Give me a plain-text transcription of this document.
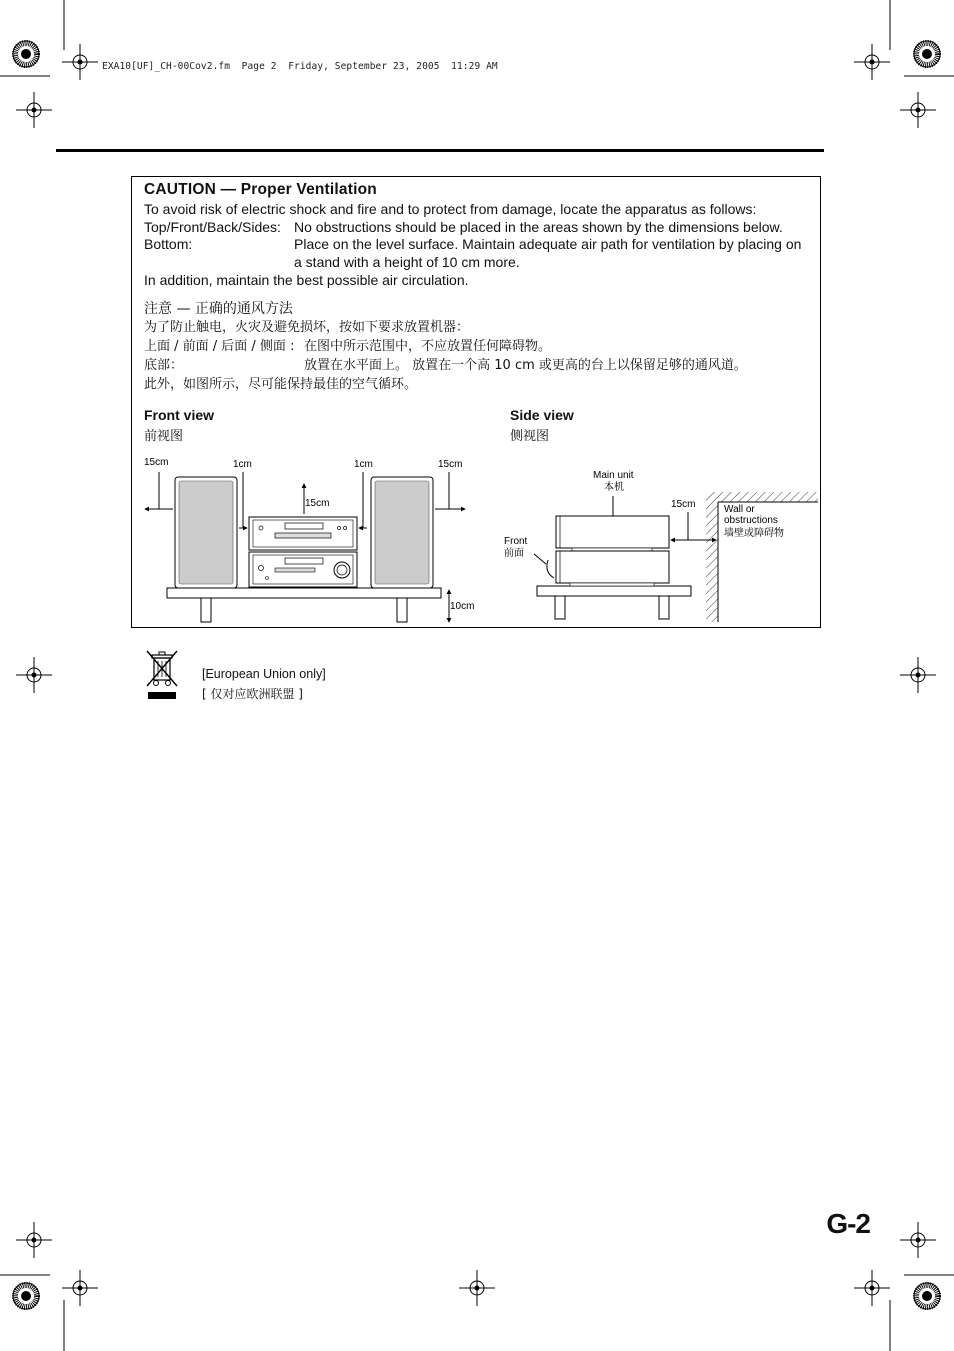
EXA10[UF]_CH-00Cov2.fm  Page 2  Friday, September 23, 2005  11:29 AM
CAUTION — Proper Ventilation
To avoid risk of electric shock and fire and to protect from damage, locate the apparatus as follows:
Top/Front/Back/Sides: No obstructions should be placed in the areas shown by the dimensions below.
Bottom:	Place on the level surface. Maintain adequate air path for ventilation by placing on
a stand with a height of 10 cm more.
In addition, maintain the best possible air circulation.
注意 — 正确的通风方法
为了防止触电，火灾及避免损坏，按如下要求放置机器：
上面 / 前面 / 后面 / 侧面 : 在图中所示范围中，不应放置任何障碍物。
底部：	放置在水平面上。 放置在一个高 10 cm 或更高的台上以保留足够的通风道。
此外，如图所示，尽可能保持最佳的空气循环。
Front view
前视图
Side view
侧视图
15cm	1cm	1cm	15cm
15cm
10cm
Main unit
本机
15cm	Wall or
obstructions
墙壁或障碍物
Front
前面
[European Union only]
[ 仅对应欧洲联盟 ]
G-2
